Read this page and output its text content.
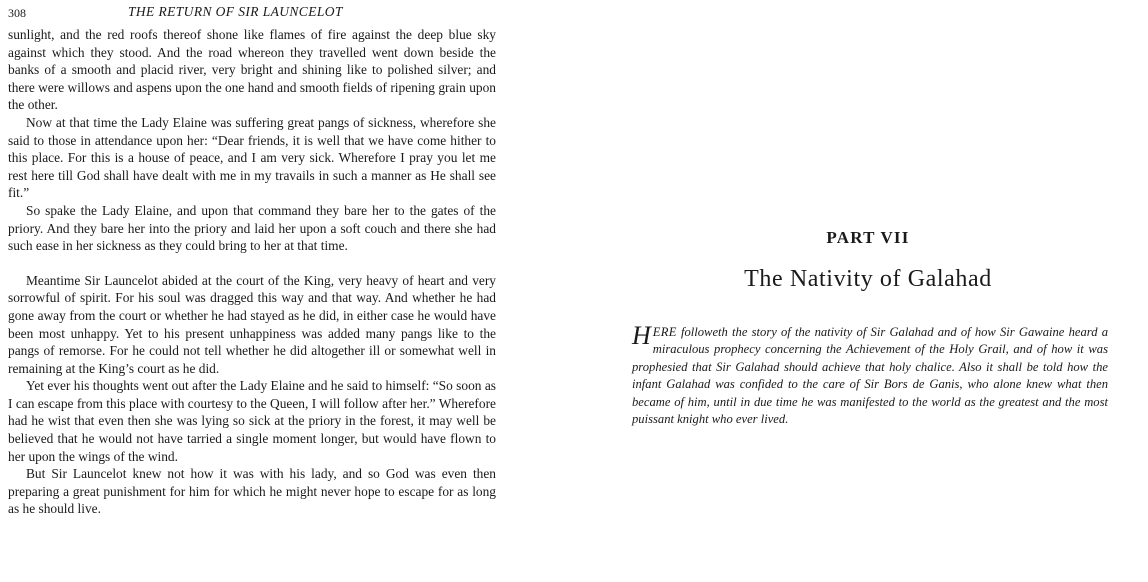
308	THE RETURN OF SIR LAUNCELOT

sunlight, and the red roofs thereof shone like flames of fire against the deep blue sky against which they stood. And the road whereon they travelled went down beside the banks of a smooth and placid river, very bright and shining like to polished silver; and there were willows and aspens upon the one hand and smooth fields of ripening grain upon the other.

Now at that time the Lady Elaine was suffering great pangs of sickness, wherefore she said to those in attendance upon her: “Dear friends, it is well that we have come hither to this place. For this is a house of peace, and I am very sick. Wherefore I pray you let me rest here till God shall have dealt with me in my travails in such a manner as He shall see fit.”

So spake the Lady Elaine, and upon that command they bare her to the gates of the priory. And they bare her into the priory and laid her upon a soft couch and there she had such ease in her sickness as they could bring to her at that time.

Meantime Sir Launcelot abided at the court of the King, very heavy of heart and very sorrowful of spirit. For his soul was dragged this way and that way. And whether he had gone away from the court or whether he had stayed as he did, in either case he would have been most unhappy. Yet to his present unhappiness was added many pangs like to the pangs of remorse. For he could not tell whether he did altogether ill or somewhat well in remaining at the King’s court as he did.

Yet ever his thoughts went out after the Lady Elaine and he said to himself: “So soon as I can escape from this place with courtesy to the Queen, I will follow after her.” Wherefore had he wist that even then she was lying so sick at the priory in the forest, it may well be believed that he would not have tarried a single moment longer, but would have flown to her upon the wings of the wind.

But Sir Launcelot knew not how it was with his lady, and so God was even then preparing a great punishment for him for which he might never hope to escape for as long as he should live.

PART VII
The Nativity of Galahad
HERE followeth the story of the nativity of Sir Galahad and of how Sir Gawaine heard a miraculous prophecy concerning the Achievement of the Holy Grail, and of how it was prophesied that Sir Galahad should achieve that holy chalice. Also it shall be told how the infant Galahad was confided to the care of Sir Bors de Ganis, who alone knew what then became of him, until in due time he was manifested to the world as the greatest and the most puissant knight who ever lived.
